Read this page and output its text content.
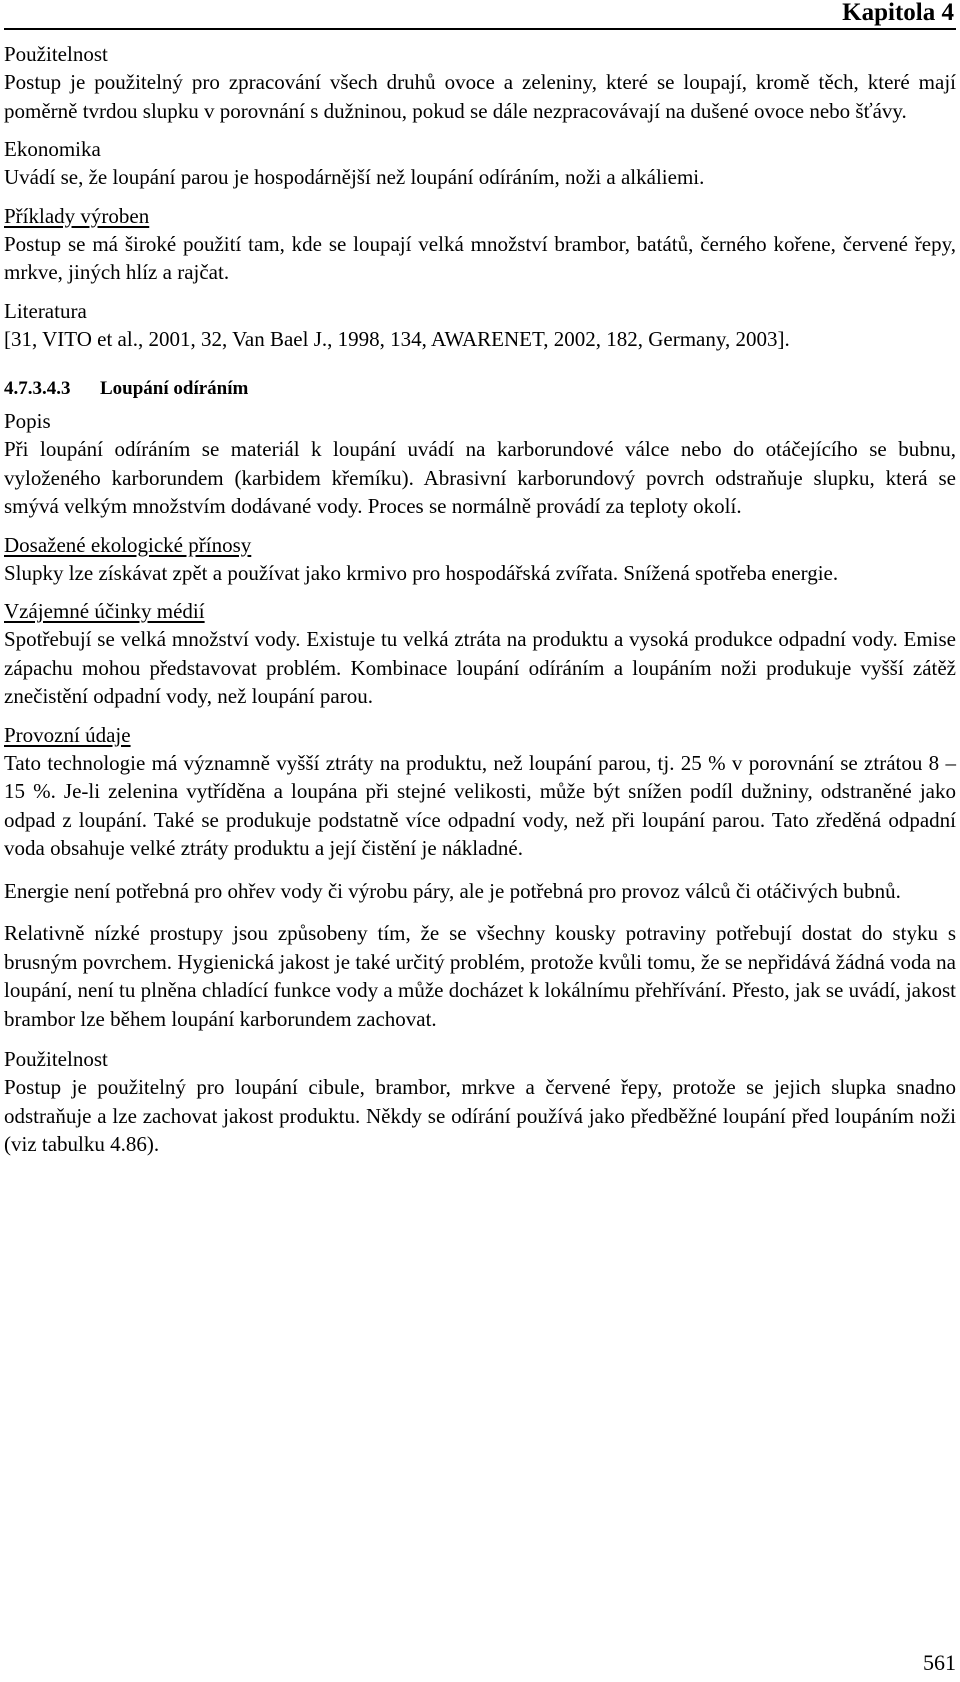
Kapitola 4
Použitelnost

Postup je použitelný pro zpracování všech druhů ovoce a zeleniny, které se loupají, kromě těch, které mají poměrně tvrdou slupku v porovnání s dužninou, pokud se dále nezpracovávají na dušené ovoce nebo šťávy.

Ekonomika

Uvádí se, že loupání parou je hospodárnější než loupání odíráním, noži a alkáliemi.

Příklady výroben

Postup se má široké použití tam, kde se loupají velká množství brambor, batátů, černého kořene, červené řepy, mrkve, jiných hlíz a rajčat.

Literatura

[31, VITO et al., 2001, 32, Van Bael J., 1998, 134, AWARENET, 2002, 182, Germany, 2003].

4.7.3.4.3 Loupání odíráním
Popis

Při loupání odíráním se materiál k loupání uvádí na karborundové válce nebo do otáčejícího se bubnu, vyloženého karborundem (karbidem křemíku). Abrasivní karborundový povrch odstraňuje slupku, která se smývá velkým množstvím dodávané vody. Proces se normálně provádí za teploty okolí.

Dosažené ekologické přínosy

Slupky lze získávat zpět a používat jako krmivo pro hospodářská zvířata. Snížená spotřeba energie.

Vzájemné účinky médií

Spotřebují se velká množství vody. Existuje tu velká ztráta na produktu a vysoká produkce odpadní vody. Emise zápachu mohou představovat problém. Kombinace loupání odíráním a loupáním noži produkuje vyšší zátěž znečistění odpadní vody, než loupání parou.

Provozní údaje

Tato technologie má významně vyšší ztráty na produktu, než loupání parou, tj. 25 % v porovnání se ztrátou 8 – 15 %. Je-li zelenina vytříděna a loupána při stejné velikosti, může být snížen podíl dužniny, odstraněné jako odpad z loupání. Také se produkuje podstatně více odpadní vody, než při loupání parou. Tato zředěná odpadní voda obsahuje velké ztráty produktu a její čistění je nákladné.

Energie není potřebná pro ohřev vody či výrobu páry, ale je potřebná pro provoz válců či otáčivých bubnů.

Relativně nízké prostupy jsou způsobeny tím, že se všechny kousky potraviny potřebují dostat do styku s brusným povrchem. Hygienická jakost je také určitý problém, protože kvůli tomu, že se nepřidává žádná voda na loupání, není tu plněna chladící funkce vody a může docházet k lokálnímu přehřívání. Přesto, jak se uvádí, jakost brambor lze během loupání karborundem zachovat.

Použitelnost

Postup je použitelný pro loupání cibule, brambor, mrkve a červené řepy, protože se jejich slupka snadno odstraňuje a lze zachovat jakost produktu. Někdy se odírání používá jako předběžné loupání před loupáním noži (viz tabulku 4.86).

561
